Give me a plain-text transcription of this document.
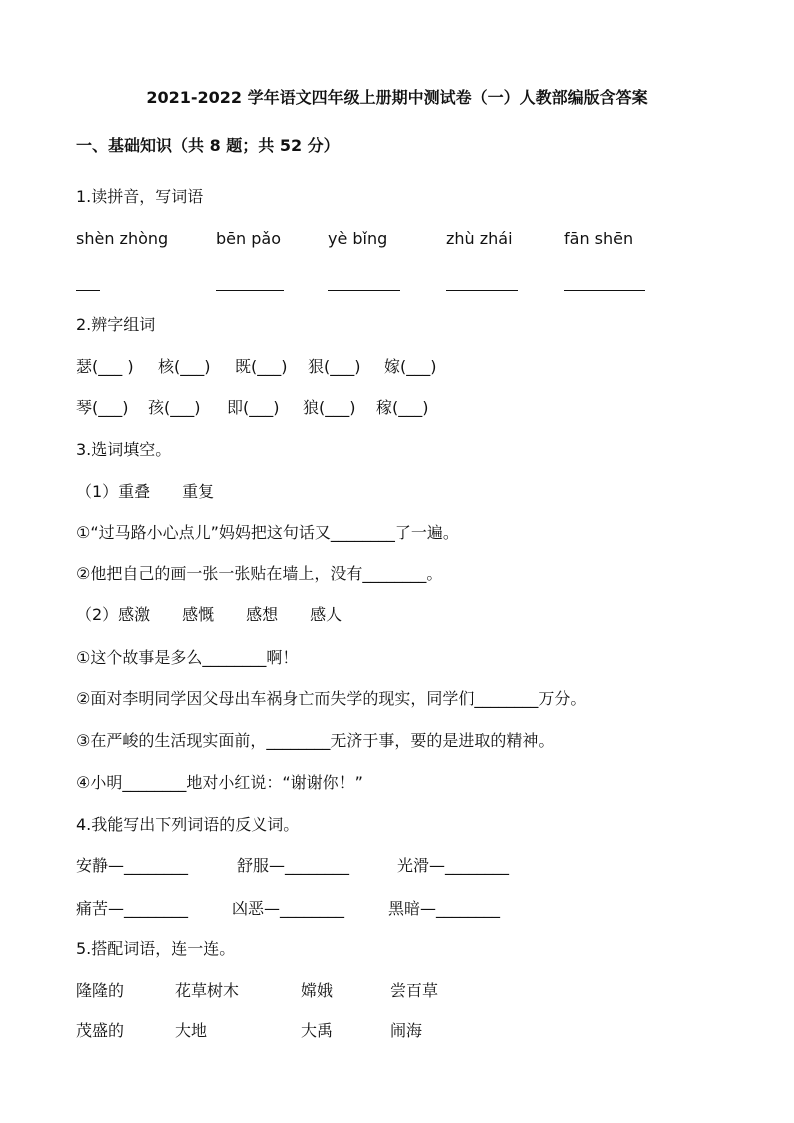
2021-2022 学年语文四年级上册期中测试卷（一）人教部编版含答案
一、基础知识（共 8 题；共 52 分）
1.读拼音，写词语
shèn zhòng	bēn pǎo	yè bǐng	zhù zhái	fān shēn
2.辨字组词
瑟(___ ) 核(___) 既(___) 狠(___) 嫁(___)
琴(___) 孩(___) 即(___) 狼(___) 稼(___)
3.选词填空。
（1）重叠　　重复
①“过马路小心点儿”妈妈把这句话又________了一遍。
②他把自己的画一张一张贴在墙上，没有________。
（2）感激　　感慨　　感想　　感人
①这个故事是多么________啊！
②面对李明同学因父母出车祸身亡而失学的现实，同学们________万分。
③在严峻的生活现实面前，________无济于事，要的是进取的精神。
④小明________地对小红说：“谢谢你！”
4.我能写出下列词语的反义词。
安静—________	舒服—________	光滑—________
痛苦—________	凶恶—________	黑暗—________
5.搭配词语，连一连。
隆隆的	花草树木	嫦娥	尝百草
茂盛的	大地	大禹	闹海
